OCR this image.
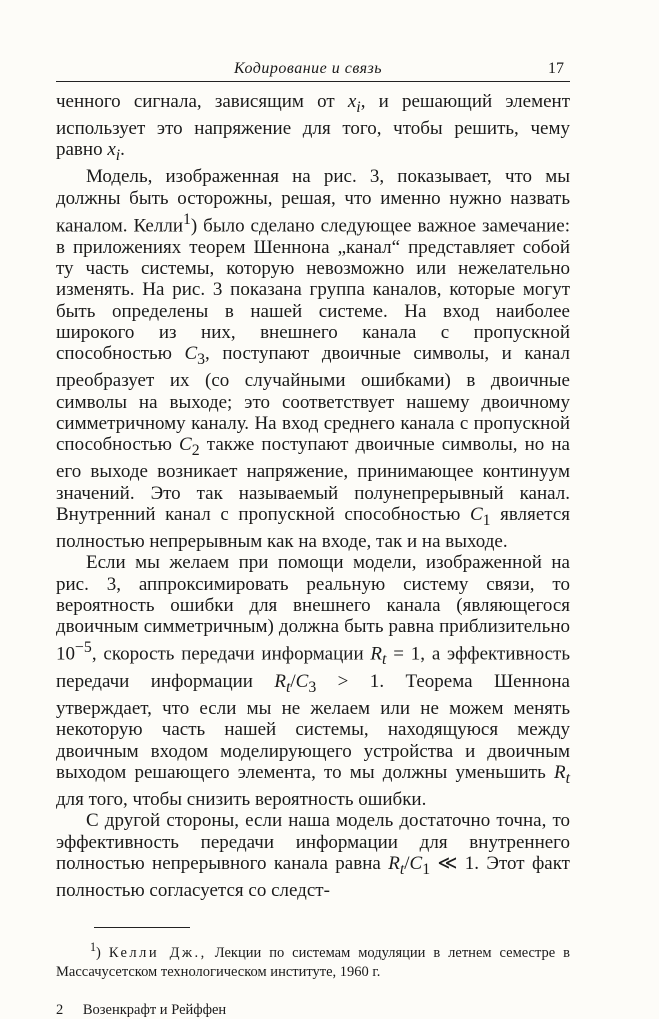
Кодирование и связь	17

ченного сигнала, зависящим от $x_i$, и решающий элемент использует это напряжение для того, чтобы решить, чему равно $x_i$.

Модель, изображенная на рис. 3, показывает, что мы должны быть осторожны, решая, что именно нужно назвать каналом. Келли$^1$) было сделано следующее важное замечание: в приложениях теорем Шеннона „канал“ представляет собой ту часть системы, которую невозможно или нежелательно изменять. На рис. 3 показана группа каналов, которые могут быть определены в нашей системе. На вход наиболее широкого из них, внешнего канала с пропускной способностью $C_3$, поступают двоичные символы, и канал преобразует их (со случайными ошибками) в двоичные символы на выходе; это соответствует нашему двоичному симметричному каналу. На вход среднего канала с пропускной способностью $C_2$ также поступают двоичные символы, но на его выходе возникает напряжение, принимающее континуум значений. Это так называемый полунепрерывный канал. Внутренний канал с пропускной способностью $C_1$ является полностью непрерывным как на входе, так и на выходе.

Если мы желаем при помощи модели, изображенной на рис. 3, аппроксимировать реальную систему связи, то вероятность ошибки для внешнего канала (являющегося двоичным симметричным) должна быть равна приблизительно $10^{-5}$, скорость передачи информации $R_t = 1$, а эффективность передачи информации $R_t/C_3 > 1$. Теорема Шеннона утверждает, что если мы не желаем или не можем менять некоторую часть нашей системы, находящуюся между двоичным входом моделирующего устройства и двоичным выходом решающего элемента, то мы должны уменьшить $R_t$ для того, чтобы снизить вероятность ошибки.

С другой стороны, если наша модель достаточно точна, то эффективность передачи информации для внутреннего полностью непрерывного канала равна $R_t/C_1$ ≪ 1. Этот факт полностью согласуется со следст-

$^1$) Келли Дж., Лекции по системам модуляции в летнем семестре в Массачусетском технологическом институте, 1960 г.
2 Возенкрафт и Рейффен
